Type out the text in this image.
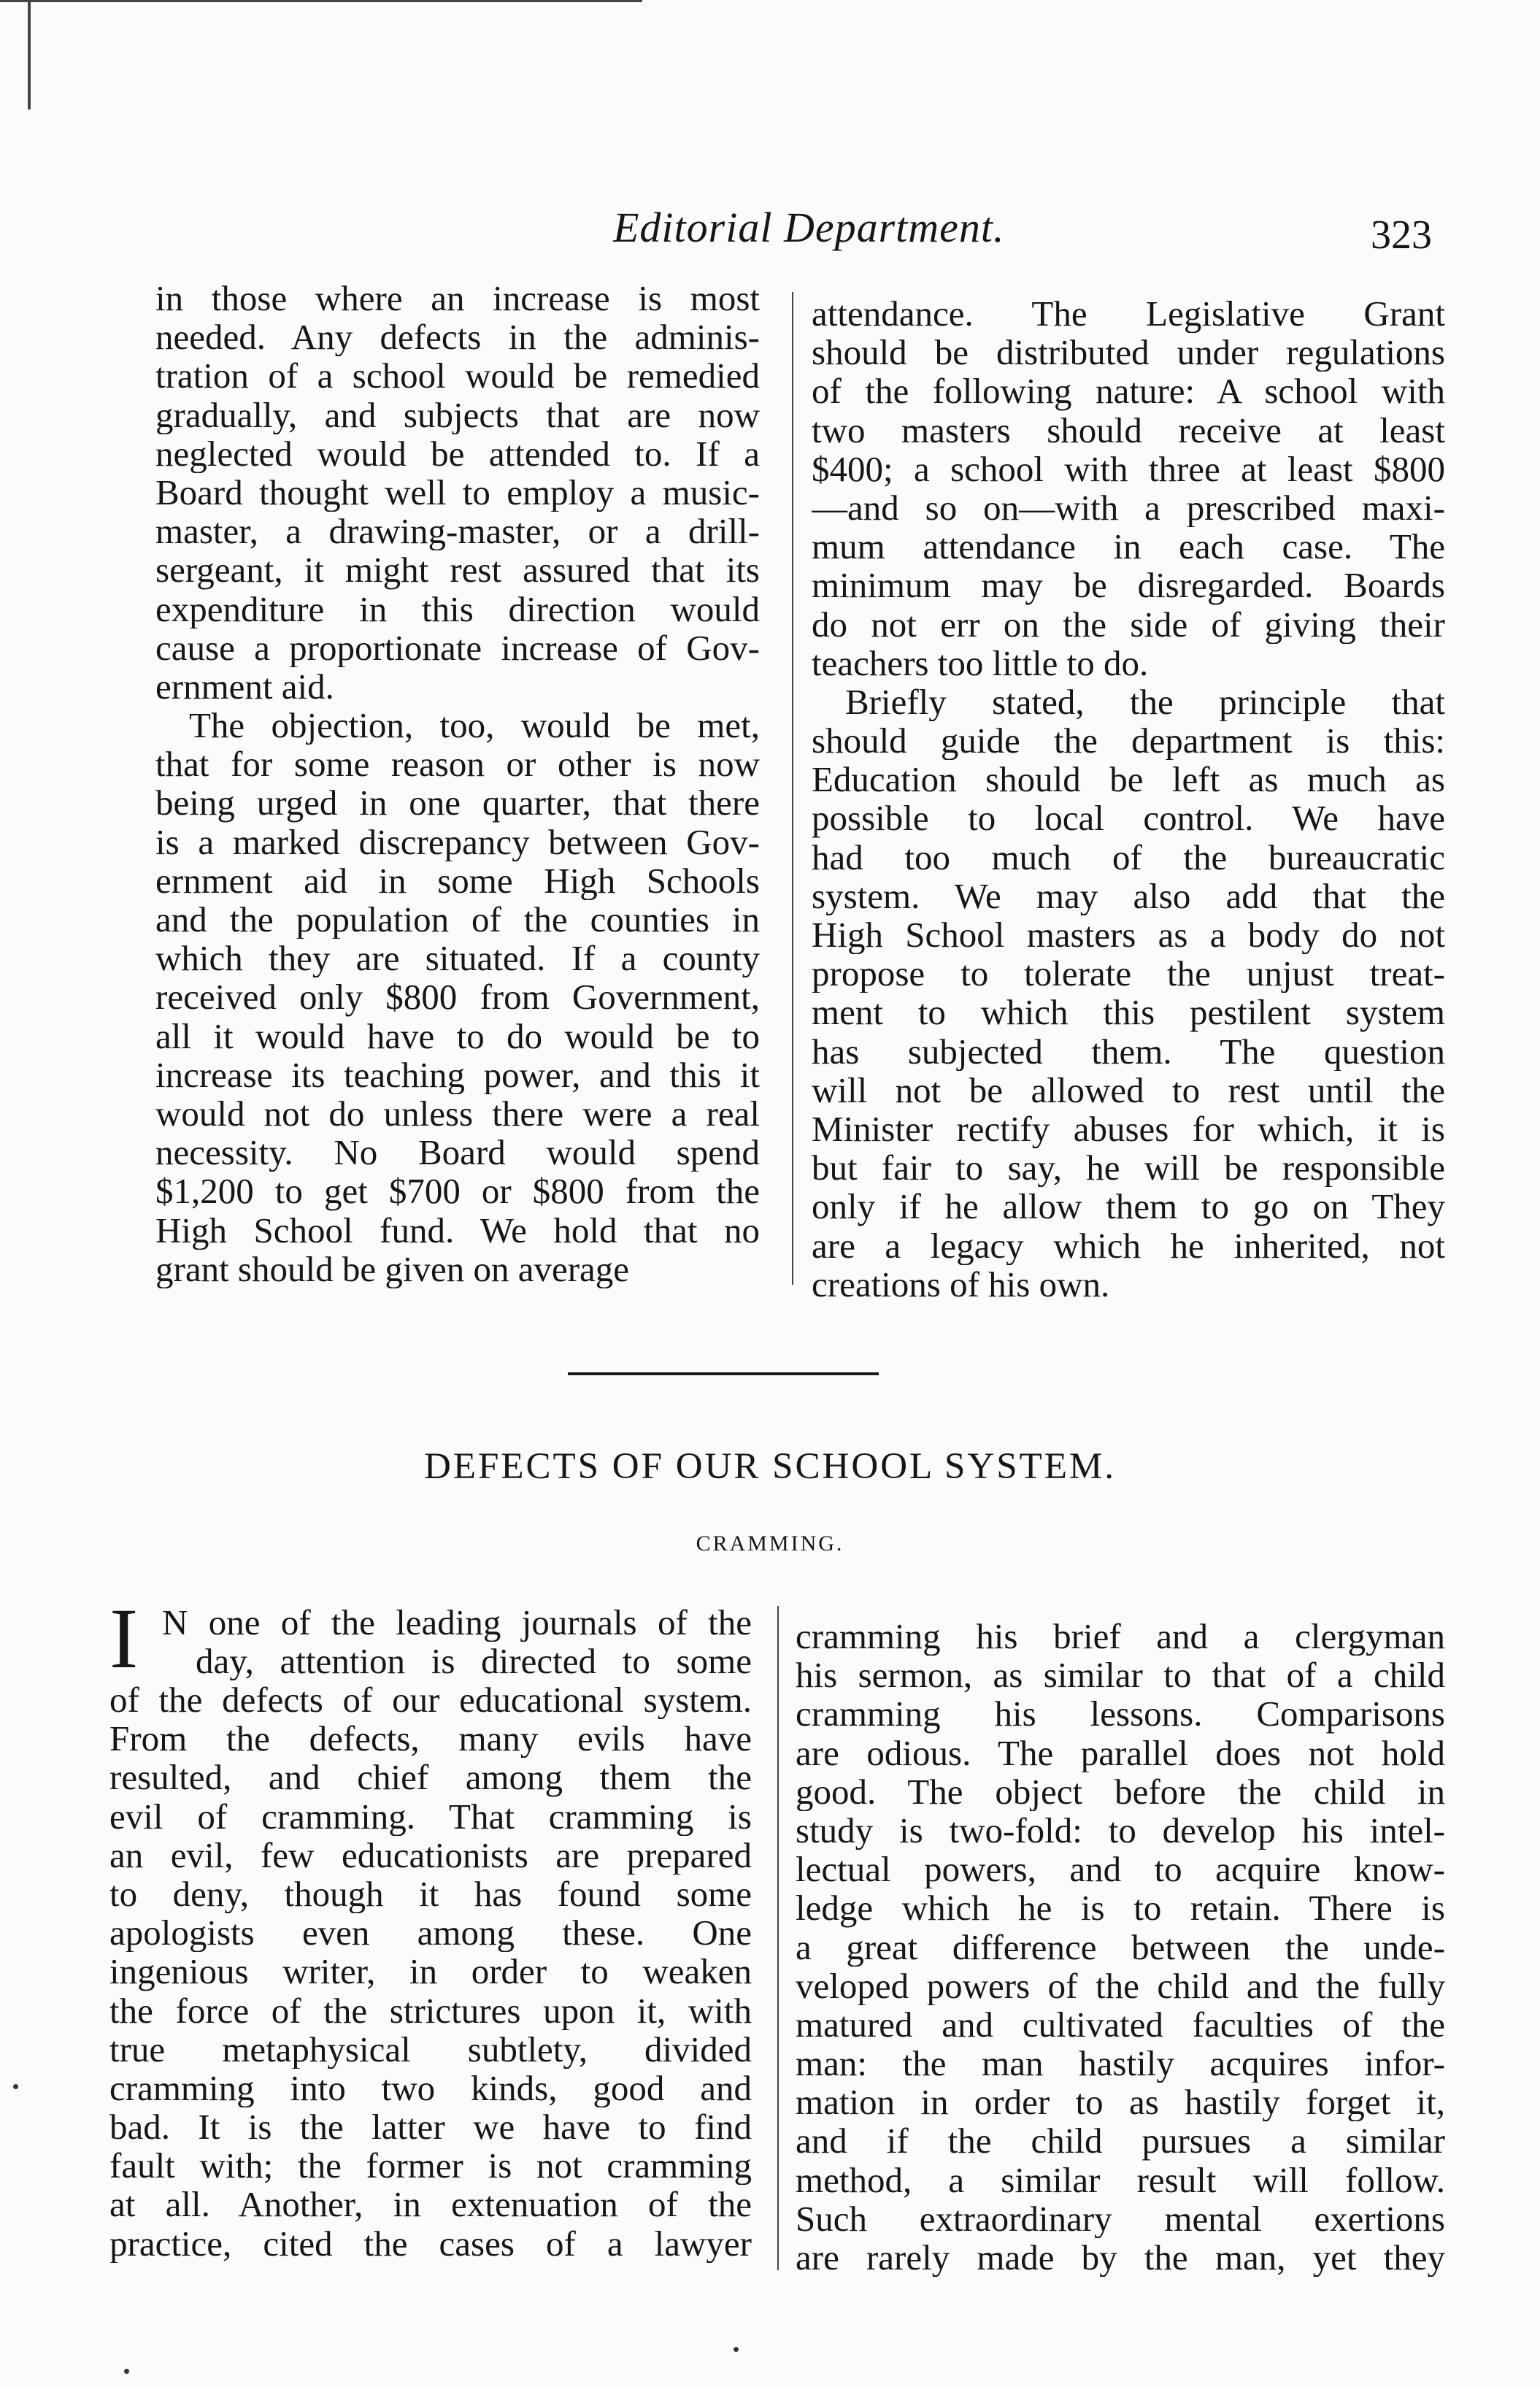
Editorial Department.	323
in those where an increase is most
needed. Any defects in the adminis-
tration of a school would be remedied
gradually, and subjects that are now
neglected would be attended to. If a
Board thought well to employ a music-
master, a drawing-master, or a drill-
sergeant, it might rest assured that its
expenditure in this direction would
cause a proportionate increase of Gov-
ernment aid.
The objection, too, would be met,
that for some reason or other is now
being urged in one quarter, that there
is a marked discrepancy between Gov-
ernment aid in some High Schools
and the population of the counties in
which they are situated. If a county
received only $800 from Government,
all it would have to do would be to
increase its teaching power, and this it
would not do unless there were a real
necessity. No Board would spend
$1,200 to get $700 or $800 from the
High School fund. We hold that no
grant should be given on average
attendance. The Legislative Grant
should be distributed under regulations
of the following nature: A school with
two masters should receive at least
$400; a school with three at least $800
—and so on—with a prescribed maxi-
mum attendance in each case. The
minimum may be disregarded. Boards
do not err on the side of giving their
teachers too little to do.
Briefly stated, the principle that
should guide the department is this:
Education should be left as much as
possible to local control. We have
had too much of the bureaucratic
system. We may also add that the
High School masters as a body do not
propose to tolerate the unjust treat-
ment to which this pestilent system
has subjected them. The question
will not be allowed to rest until the
Minister rectify abuses for which, it is
but fair to say, he will be responsible
only if he allow them to go on They
are a legacy which he inherited, not
creations of his own.
DEFECTS OF OUR SCHOOL SYSTEM.
CRAMMING.
I N one of the leading journals of the
day, attention is directed to some
of the defects of our educational system.
From the defects, many evils have
resulted, and chief among them the
evil of cramming. That cramming is
an evil, few educationists are prepared
to deny, though it has found some
apologists even among these. One
ingenious writer, in order to weaken
the force of the strictures upon it, with
true metaphysical subtlety, divided
cramming into two kinds, good and
bad. It is the latter we have to find
fault with; the former is not cramming
at all. Another, in extenuation of the
practice, cited the cases of a lawyer
cramming his brief and a clergyman
his sermon, as similar to that of a child
cramming his lessons. Comparisons
are odious. The parallel does not hold
good. The object before the child in
study is two-fold: to develop his intel-
lectual powers, and to acquire know-
ledge which he is to retain. There is
a great difference between the unde-
veloped powers of the child and the fully
matured and cultivated faculties of the
man: the man hastily acquires infor-
mation in order to as hastily forget it,
and if the child pursues a similar
method, a similar result will follow.
Such extraordinary mental exertions
are rarely made by the man, yet they
